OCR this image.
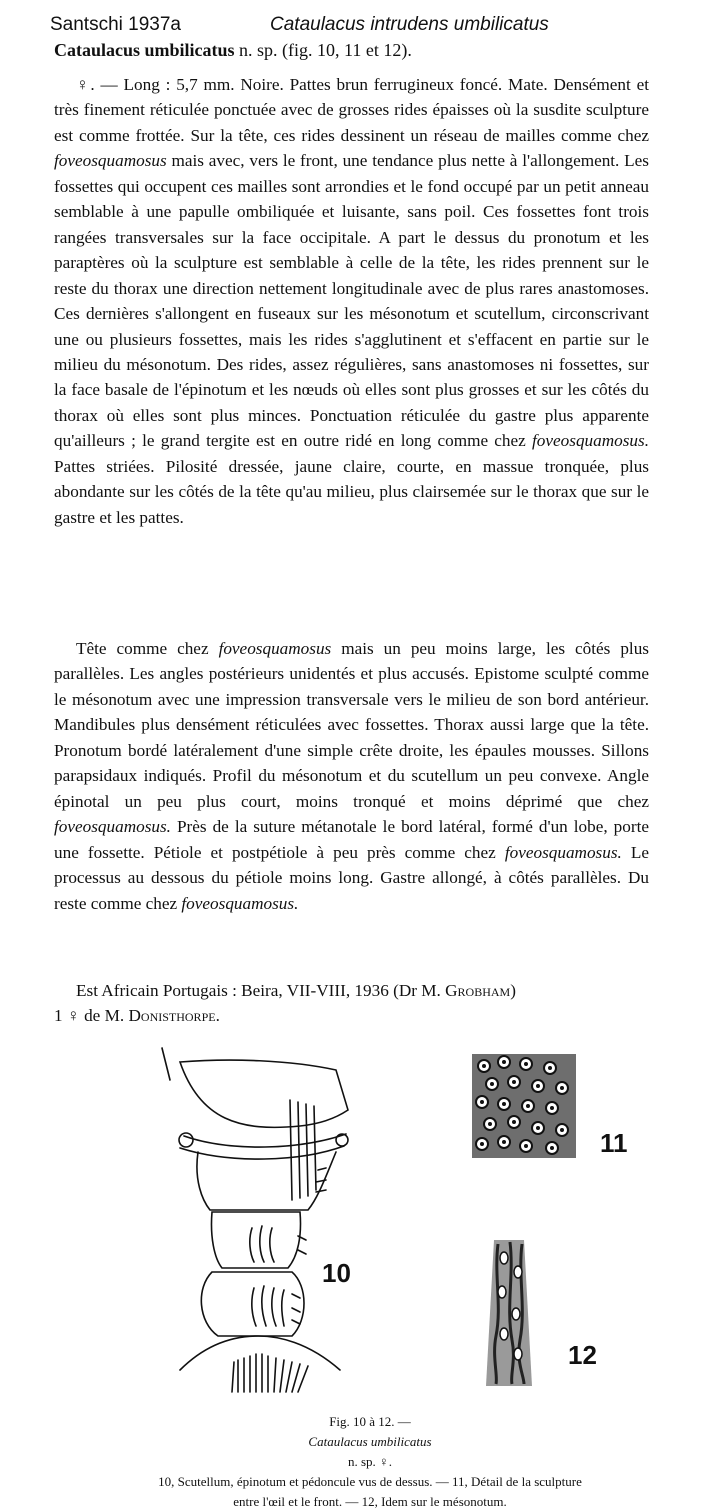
Santschi 1937a	Cataulacus intrudens umbilicatus
Cataulacus umbilicatus n. sp. (fig. 10, 11 et 12).
♀. — Long : 5,7 mm. Noire. Pattes brun ferrugineux foncé. Mate. Densément et très finement réticulée ponctuée avec de grosses rides épaisses où la susdite sculpture est comme frottée. Sur la tête, ces rides dessinent un réseau de mailles comme chez foveosquamosus mais avec, vers le front, une tendance plus nette à l'allongement. Les fossettes qui occupent ces mailles sont arrondies et le fond occupé par un petit anneau semblable à une papulle ombiliquée et luisante, sans poil. Ces fossettes font trois rangées transversales sur la face occipitale. A part le dessus du pronotum et les paraptères où la sculpture est semblable à celle de la tête, les rides prennent sur le reste du thorax une direction nettement longitudinale avec de plus rares anastomoses. Ces dernières s'allongent en fuseaux sur les mésonotum et scutellum, circonscrivant une ou plusieurs fossettes, mais les rides s'agglutinent et s'effacent en partie sur le milieu du mésonotum. Des rides, assez régulières, sans anastomoses ni fossettes, sur la face basale de l'épinotum et les nœuds où elles sont plus grosses et sur les côtés du thorax où elles sont plus minces. Ponctuation réticulée du gastre plus apparente qu'ailleurs ; le grand tergite est en outre ridé en long comme chez foveosquamosus. Pattes striées. Pilosité dressée, jaune claire, courte, en massue tronquée, plus abondante sur les côtés de la tête qu'au milieu, plus clairsemée sur le thorax que sur le gastre et les pattes.
Tête comme chez foveosquamosus mais un peu moins large, les côtés plus parallèles. Les angles postérieurs unidentés et plus accusés. Epistome sculpté comme le mésonotum avec une impression transversale vers le milieu de son bord antérieur. Mandibules plus densément réticulées avec fossettes. Thorax aussi large que la tête. Pronotum bordé latéralement d'une simple crête droite, les épaules mousses. Sillons parapsidaux indiqués. Profil du mésonotum et du scutellum un peu convexe. Angle épinotal un peu plus court, moins tronqué et moins déprimé que chez foveosquamosus. Près de la suture métanotale le bord latéral, formé d'un lobe, porte une fossette. Pétiole et postpétiole à peu près comme chez foveosquamosus. Le processus au dessous du pétiole moins long. Gastre allongé, à côtés parallèles. Du reste comme chez foveosquamosus.
Est Africain Portugais : Beira, VII-VIII, 1936 (Dr M. Grobham)
1 ♀ de M. Donisthorpe.
10
11
12
Fig. 10 à 12. —
Cataulacus umbilicatus
n. sp. ♀.
10, Scutellum, épinotum et pédoncule vus de dessus. — 11, Détail de la sculpture
entre l'œil et le front. — 12, Idem sur le mésonotum.
